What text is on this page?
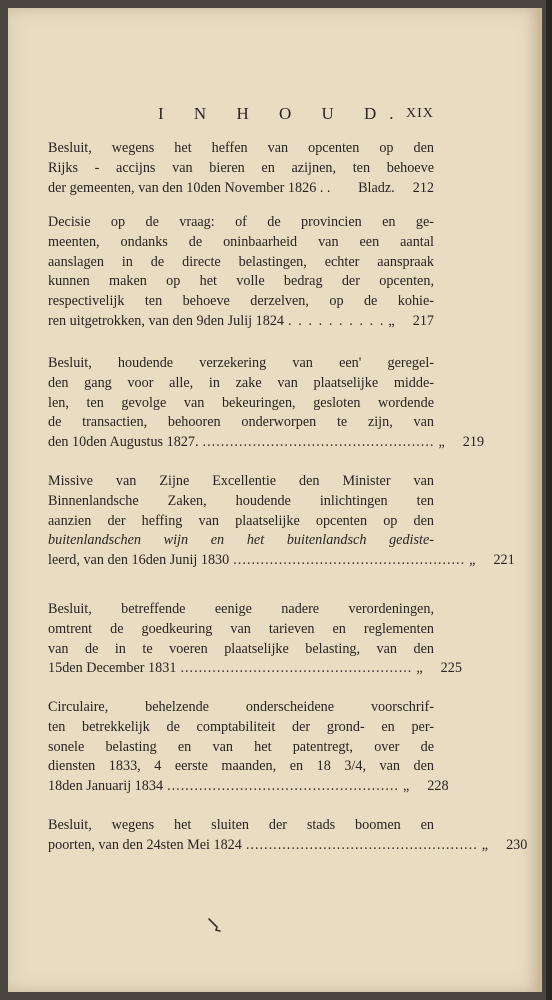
I N H O U D. XIX
Besluit, wegens het heffen van opcenten op den
Rijks - accijns van bieren en azijnen, ten behoeve
der gemeenten, van den 10den November 1826 . . Bladz. 212
Decisie op de vraag: of de provincien en ge-
meenten, ondanks de oninbaarheid van een aantal
aanslagen in de directe belastingen, echter aanspraak
kunnen maken op het volle bedrag der opcenten,
respectivelijk ten behoeve derzelven, op de kohie-
ren uitgetrokken, van den 9den Julij 1824 . . . . . . . . . . „ 217
Besluit, houdende verzekering van een' geregel-
den gang voor alle, in zake van plaatselijke midde-
len, ten gevolge van bekeuringen, gesloten wordende
de transactien, behooren onderworpen te zijn, van
den 10den Augustus 1827. ................................................... „ 219
Missive van Zijne Excellentie den Minister van
Binnenlandsche Zaken, houdende inlichtingen ten
aanzien der heffing van plaatselijke opcenten op den
buitenlandschen wijn en het buitenlandsch gediste-
leerd, van den 16den Junij 1830 ................................................... „ 221
Besluit, betreffende eenige nadere verordeningen,
omtrent de goedkeuring van tarieven en reglementen
van de in te voeren plaatselijke belasting, van den
15den December 1831 ................................................... „ 225
Circulaire, behelzende onderscheidene voorschrif-
ten betrekkelijk de comptabiliteit der grond- en per-
sonele belasting en van het patentregt, over de
diensten 1833, 4 eerste maanden, en 18 3/4, van den
18den Januarij 1834 ................................................... „ 228
Besluit, wegens het sluiten der stads boomen en
poorten, van den 24sten Mei 1824 ................................................... „ 230
